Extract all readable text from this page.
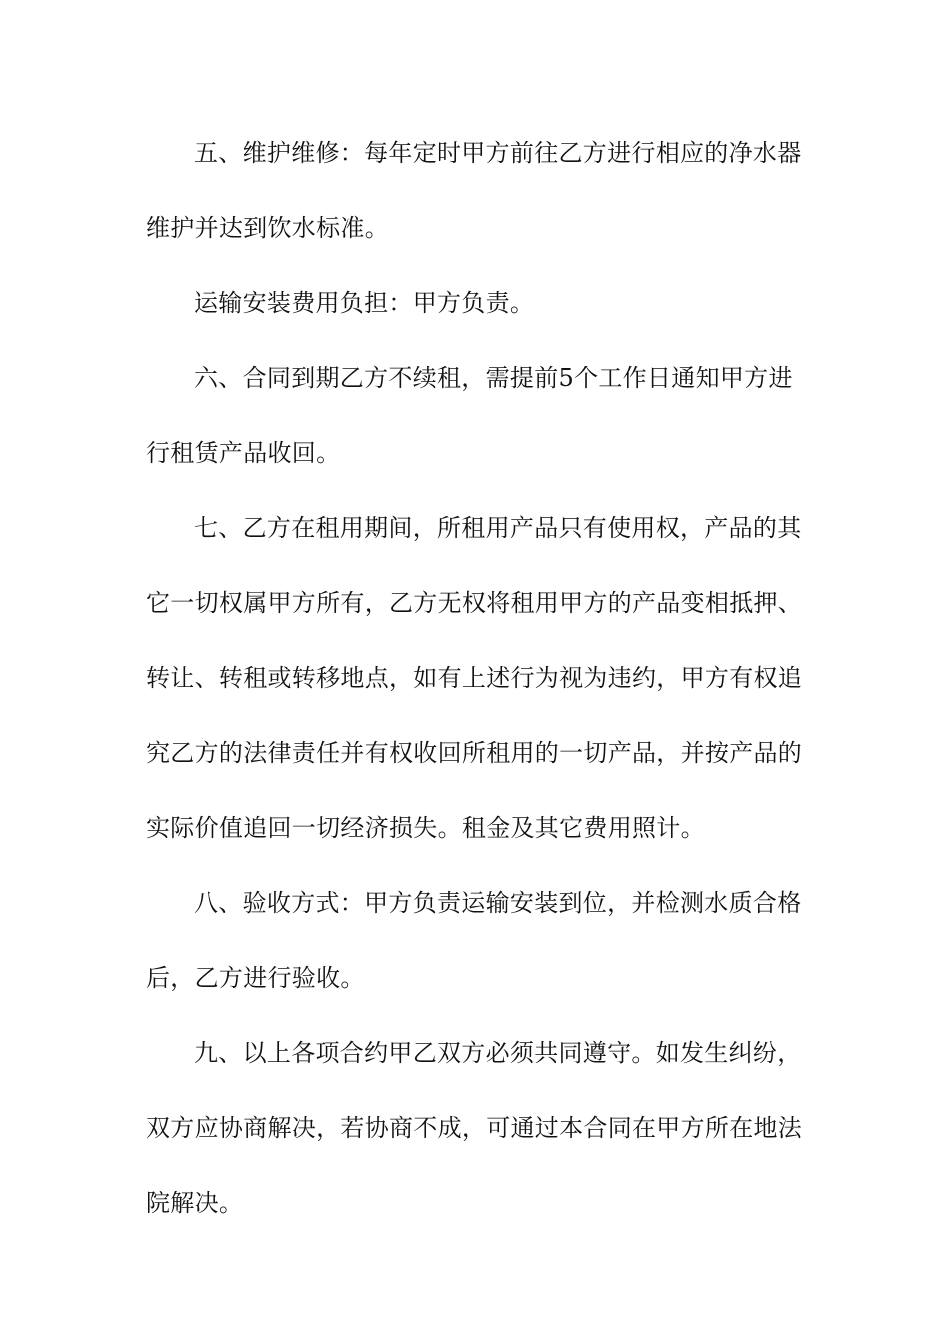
五、维护维修：每年定时甲方前往乙方进行相应的净水器
维护并达到饮水标准。
运输安装费用负担：甲方负责。
六、合同到期乙方不续租，需提前5个工作日通知甲方进
行租赁产品收回。
七、乙方在租用期间，所租用产品只有使用权，产品的其
它一切权属甲方所有，乙方无权将租用甲方的产品变相抵押、
转让、转租或转移地点，如有上述行为视为违约，甲方有权追
究乙方的法律责任并有权收回所租用的一切产品，并按产品的
实际价值追回一切经济损失。租金及其它费用照计。
八、验收方式：甲方负责运输安装到位，并检测水质合格
后，乙方进行验收。
九、以上各项合约甲乙双方必须共同遵守。如发生纠纷，
双方应协商解决，若协商不成，可通过本合同在甲方所在地法
院解决。
